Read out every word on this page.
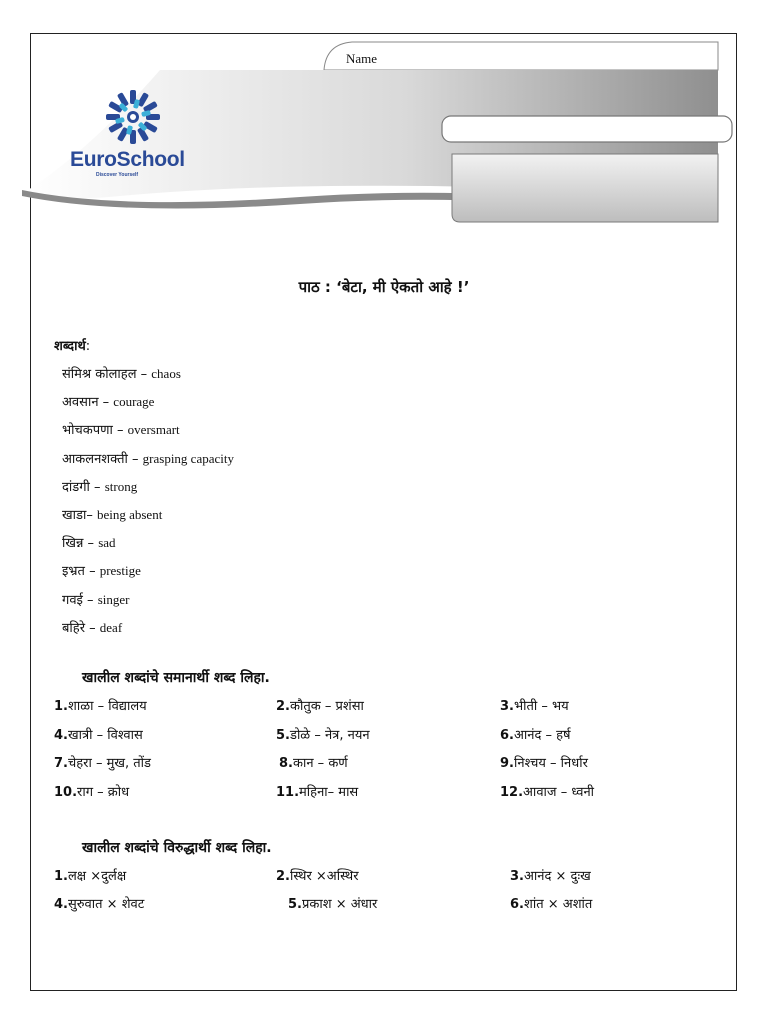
Name
EuroSchool
Discover Yourself
पाठ : ‘बेटा, मी ऐकतो आहे !’
शब्दार्थ:
संमिश्र कोलाहल – chaos
अवसान – courage
भोचकपणा – oversmart
आकलनशक्ती – grasping capacity
दांडगी – strong
खाडा– being absent
खिन्न – sad
इभ्रत – prestige
गवई – singer
बहिरे – deaf
खालील शब्दांचे समानार्थी शब्द लिहा.
1.शाळा – विद्यालय	2.कौतुक – प्रशंसा	3.भीती – भय
4.खात्री – विश्वास	5.डोळे – नेत्र, नयन	6.आनंद – हर्ष
7.चेहरा – मुख, तोंड	8.कान – कर्ण	9.निश्चय – निर्धार
10.राग – क्रोध	11.महिना– मास	12.आवाज – ध्वनी
खालील शब्दांचे विरुद्धार्थी शब्द लिहा.
1.लक्ष ×दुर्लक्ष	2.स्थिर ×अस्थिर	3.आनंद × दुःख
4.सुरुवात × शेवट	5.प्रकाश × अंधार	6.शांत × अशांत
